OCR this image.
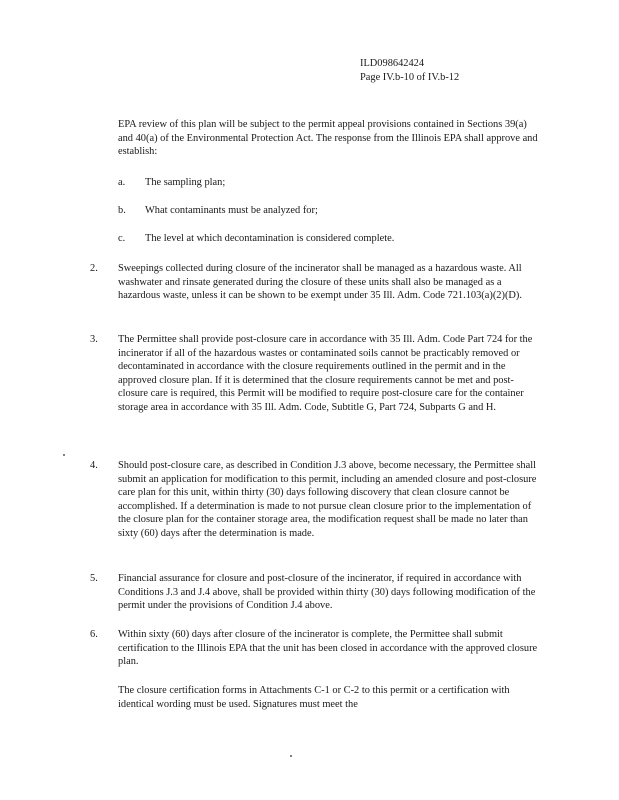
ILD098642424
Page IV.b-10 of IV.b-12

EPA review of this plan will be subject to the permit appeal provisions contained in Sections 39(a) and 40(a) of the Environmental Protection Act. The response from the Illinois EPA shall approve and establish:

a.	The sampling plan;
b.	What contaminants must be analyzed for;
c.	The level at which decontamination is considered complete.
2.	Sweepings collected during closure of the incinerator shall be managed as a hazardous waste. All washwater and rinsate generated during the closure of these units shall also be managed as a hazardous waste, unless it can be shown to be exempt under 35 Ill. Adm. Code 721.103(a)(2)(D).
3.	The Permittee shall provide post-closure care in accordance with 35 Ill. Adm. Code Part 724 for the incinerator if all of the hazardous wastes or contaminated soils cannot be practicably removed or decontaminated in accordance with the closure requirements outlined in the permit and in the approved closure plan. If it is determined that the closure requirements cannot be met and post-closure care is required, this Permit will be modified to require post-closure care for the container storage area in accordance with 35 Ill. Adm. Code, Subtitle G, Part 724, Subparts G and H.
4.	Should post-closure care, as described in Condition J.3 above, become necessary, the Permittee shall submit an application for modification to this permit, including an amended closure and post-closure care plan for this unit, within thirty (30) days following discovery that clean closure cannot be accomplished. If a determination is made to not pursue clean closure prior to the implementation of the closure plan for the container storage area, the modification request shall be made no later than sixty (60) days after the determination is made.
5.	Financial assurance for closure and post-closure of the incinerator, if required in accordance with Conditions J.3 and J.4 above, shall be provided within thirty (30) days following modification of the permit under the provisions of Condition J.4 above.
6.	Within sixty (60) days after closure of the incinerator is complete, the Permittee shall submit certification to the Illinois EPA that the unit has been closed in accordance with the approved closure plan.

The closure certification forms in Attachments C-1 or C-2 to this permit or a certification with identical wording must be used. Signatures must meet the
